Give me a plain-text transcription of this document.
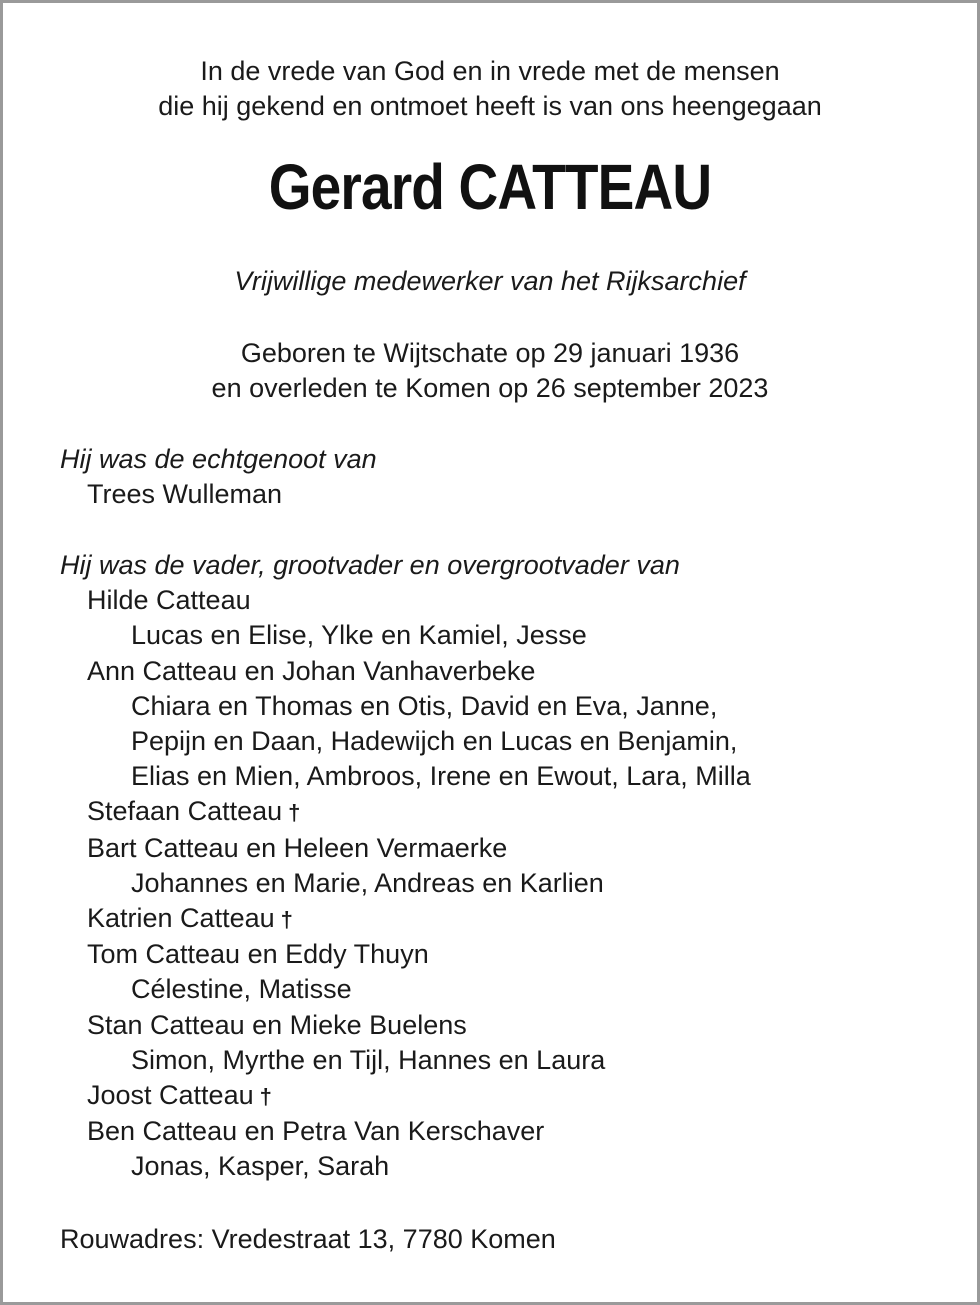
In de vrede van God en in vrede met de mensen
die hij gekend en ontmoet heeft is van ons heengegaan
Gerard CATTEAU
Vrijwillige medewerker van het Rijksarchief
Geboren te Wijtschate op 29 januari 1936
en overleden te Komen op 26 september 2023
Hij was de echtgenoot van
Trees Wulleman
Hij was de vader, grootvader en overgrootvader van
Hilde Catteau
Lucas en Elise, Ylke en Kamiel, Jesse
Ann Catteau en Johan Vanhaverbeke
Chiara en Thomas en Otis, David en Eva, Janne,
Pepijn en Daan, Hadewijch en Lucas en Benjamin,
Elias en Mien, Ambroos, Irene en Ewout, Lara, Milla
Stefaan Catteau †
Bart Catteau en Heleen Vermaerke
Johannes en Marie, Andreas en Karlien
Katrien Catteau †
Tom Catteau en Eddy Thuyn
Célestine, Matisse
Stan Catteau en Mieke Buelens
Simon, Myrthe en Tijl, Hannes en Laura
Joost Catteau †
Ben Catteau en Petra Van Kerschaver
Jonas, Kasper, Sarah
Rouwadres: Vredestraat 13, 7780 Komen
